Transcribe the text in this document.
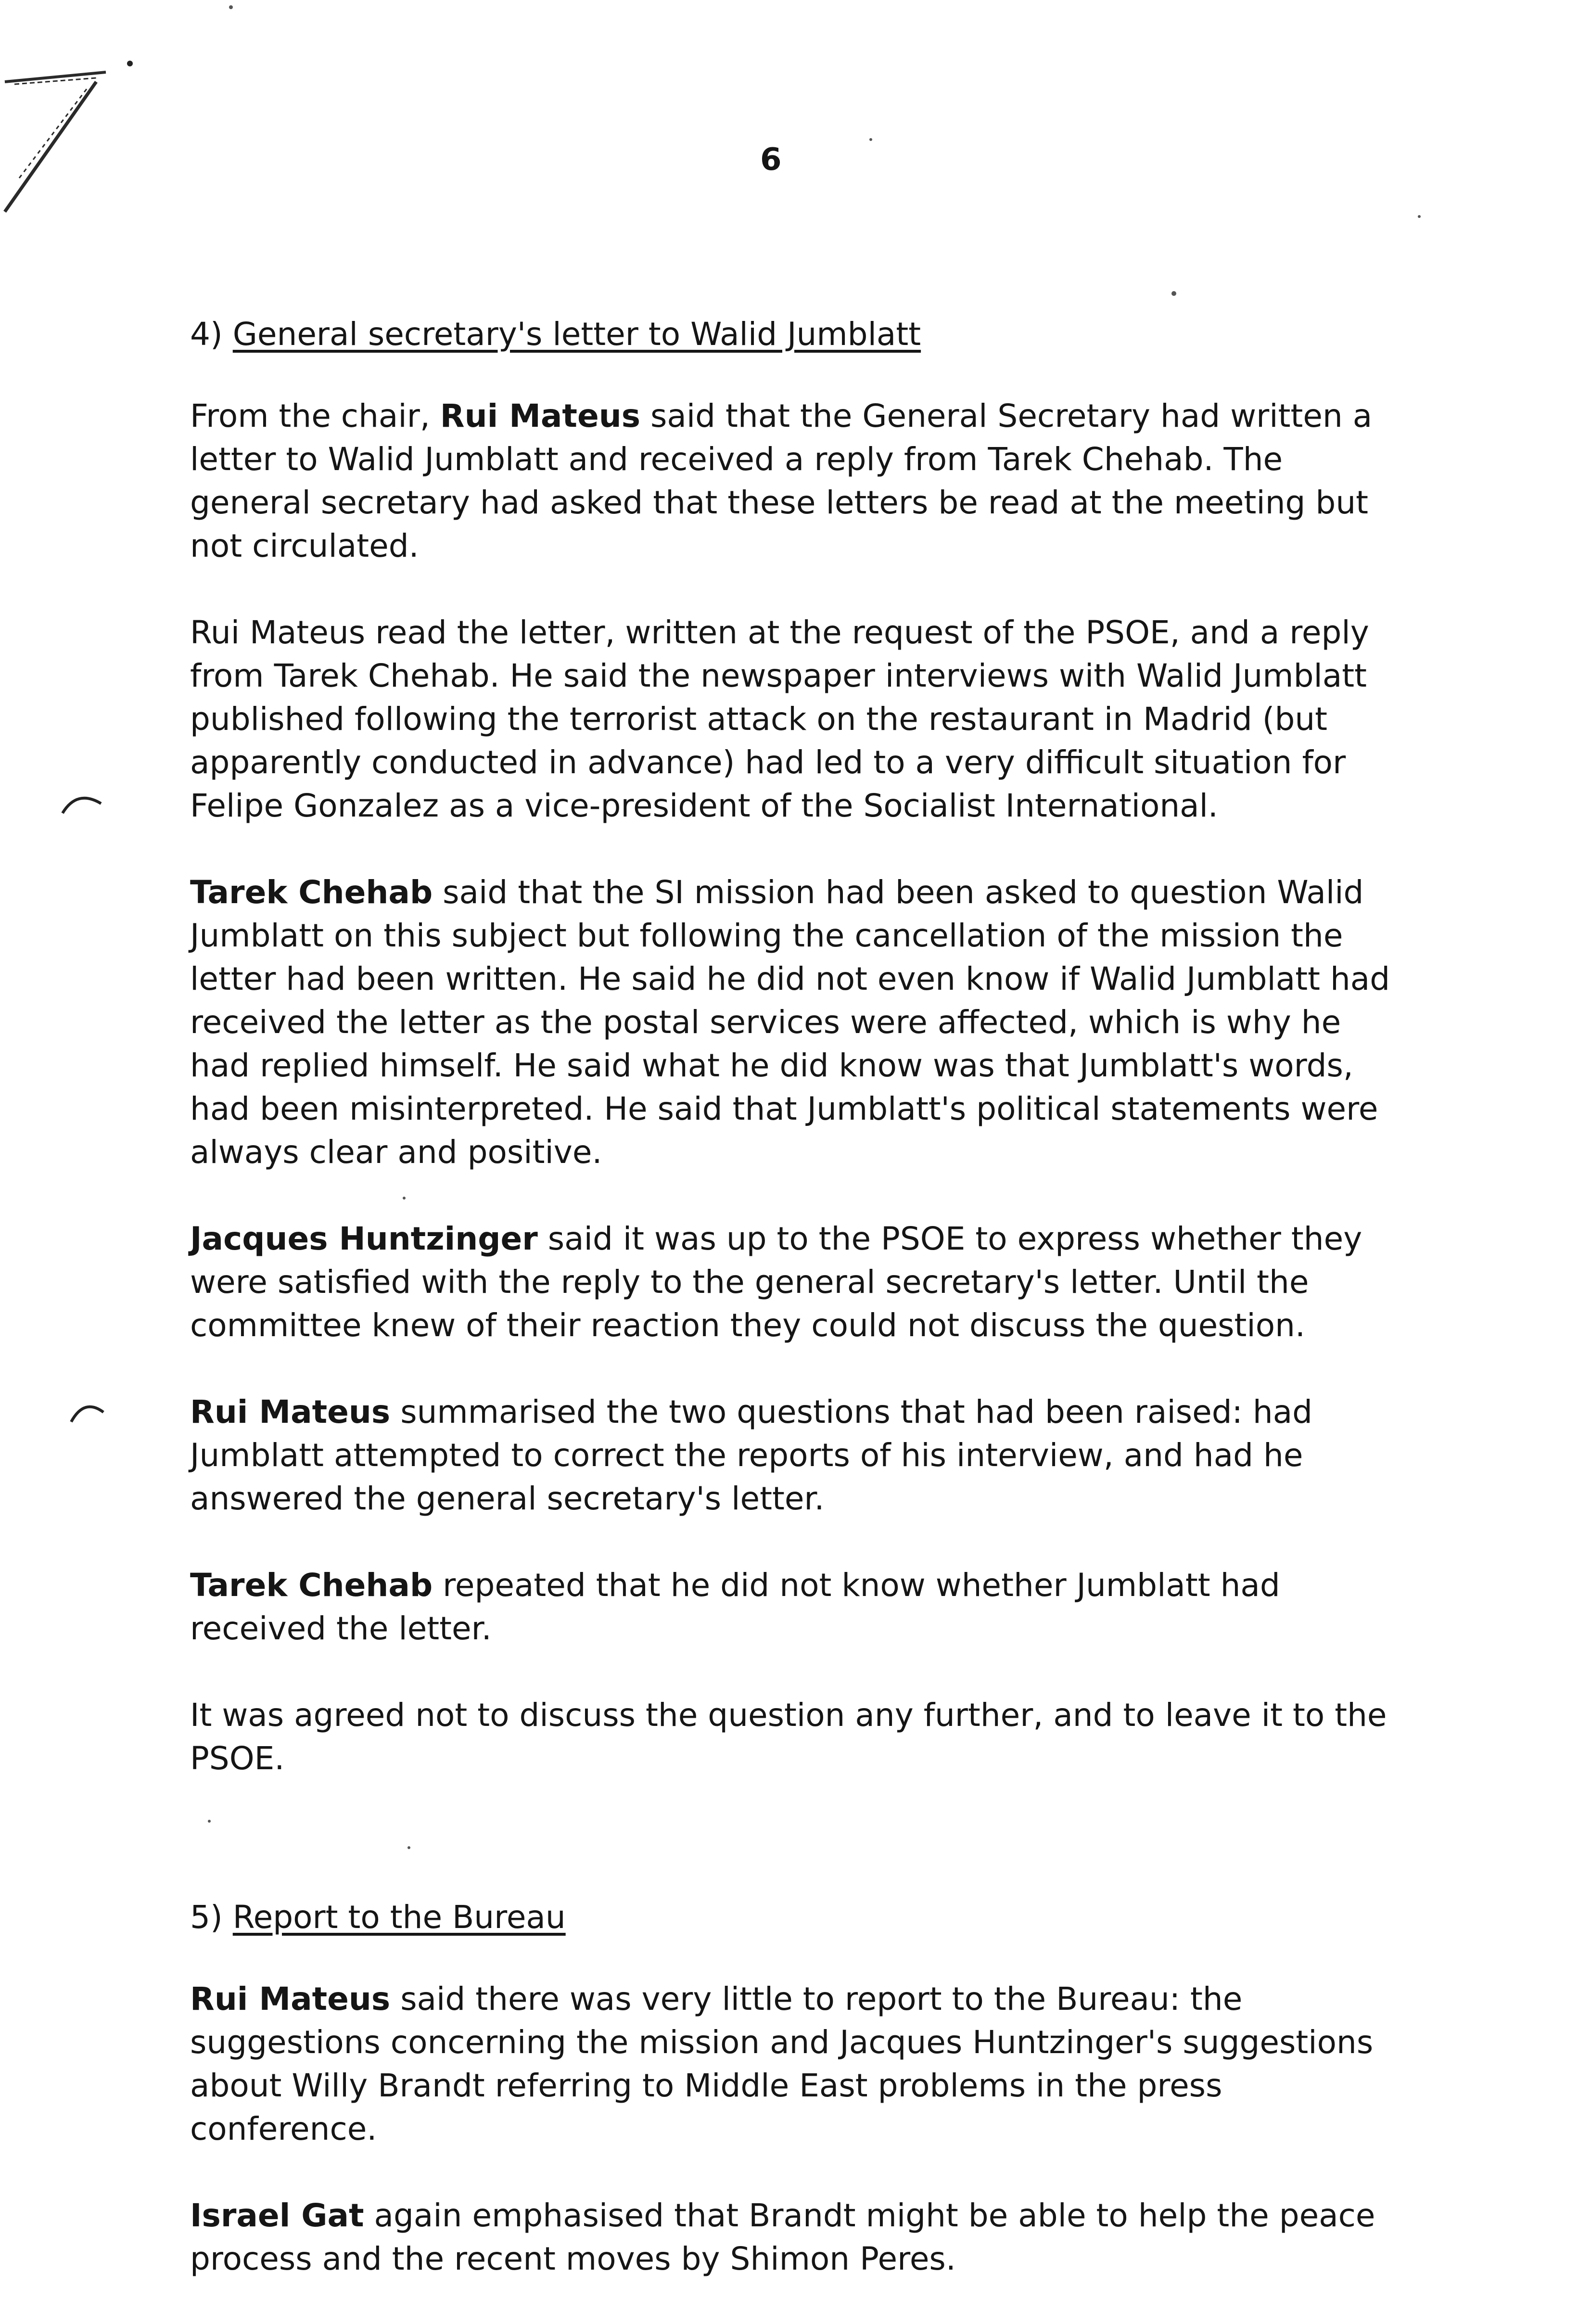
6
4) General secretary's letter to Walid Jumblatt

From the chair, Rui Mateus said that the General Secretary had written a letter to Walid Jumblatt and received a reply from Tarek Chehab. The general secretary had asked that these letters be read at the meeting but not circulated.

Rui Mateus read the letter, written at the request of the PSOE, and a reply from Tarek Chehab. He said the newspaper interviews with Walid Jumblatt published following the terrorist attack on the restaurant in Madrid (but apparently conducted in advance) had led to a very difficult situation for Felipe Gonzalez as a vice-president of the Socialist International.

Tarek Chehab said that the SI mission had been asked to question Walid Jumblatt on this subject but following the cancellation of the mission the letter had been written. He said he did not even know if Walid Jumblatt had received the letter as the postal services were affected, which is why he had replied himself. He said what he did know was that Jumblatt's words, had been misinterpreted. He said that Jumblatt's political statements were always clear and positive.

Jacques Huntzinger said it was up to the PSOE to express whether they were satisfied with the reply to the general secretary's letter. Until the committee knew of their reaction they could not discuss the question.

Rui Mateus summarised the two questions that had been raised: had Jumblatt attempted to correct the reports of his interview, and had he answered the general secretary's letter.

Tarek Chehab repeated that he did not know whether Jumblatt had received the letter.

It was agreed not to discuss the question any further, and to leave it to the PSOE.

5) Report to the Bureau

Rui Mateus said there was very little to report to the Bureau: the suggestions concerning the mission and Jacques Huntzinger's suggestions about Willy Brandt referring to Middle East problems in the press conference.

Israel Gat again emphasised that Brandt might be able to help the peace process and the recent moves by Shimon Peres.
